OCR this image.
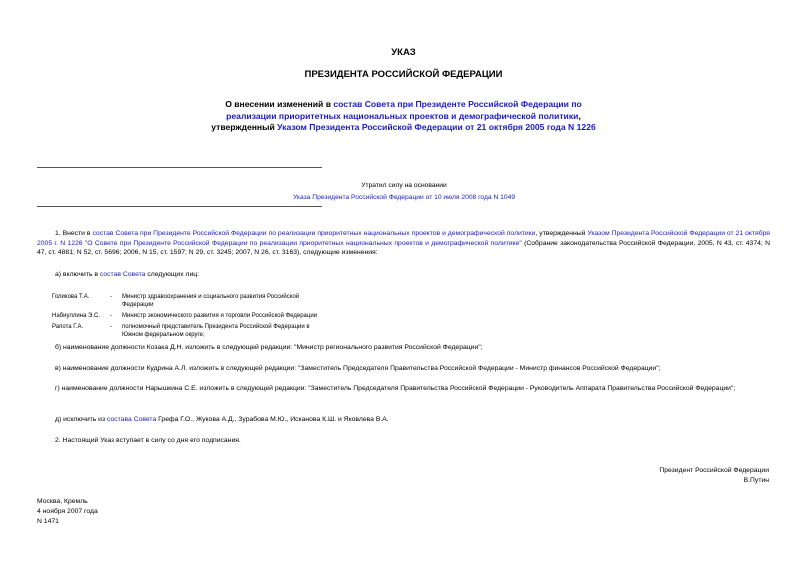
УКАЗ
ПРЕЗИДЕНТА РОССИЙСКОЙ ФЕДЕРАЦИИ
О внесении изменений в состав Совета при Президенте Российской Федерации по реализации приоритетных национальных проектов и демографической политики, утвержденный Указом Президента Российской Федерации от 21 октября 2005 года N 1226
Утратил силу на основании
Указа Президента Российской Федерации от 10 июля 2008 года N 1049
1. Внести в состав Совета при Президенте Российской Федерации по реализации приоритетных национальных проектов и демографической политики, утвержденный Указом Президента Российской Федерации от 21 октября 2005 г. N 1226 "О Совете при Президенте Российской Федерации по реализации приоритетных национальных проектов и демографической политике" (Собрание законодательства Российской Федерации, 2005, N 43, ст. 4374; N 47, ст. 4881; N 52, ст. 5696; 2006, N 15, ст. 1597; N 29, ст. 3245; 2007, N 26, ст. 3163), следующие изменения:
а) включить в состав Совета следующих лиц:
Голикова Т.А.	- Министр здравоохранения и социального развития Российской
Федерации
Набиуллина Э.С. - Министр экономического развития и торговли Российской Федерации
Рапота Г.А.	- полномочный представитель Президента Российской Федерации в
Южном федеральном округе;
б) наименование должности Козака Д.Н. изложить в следующей редакции: "Министр регионального развития Российской Федерации";
в) наименование должности Кудрина А.Л. изложить в следующей редакции: "Заместитель Председателя Правительства Российской Федерации - Министр финансов Российской Федерации";
г) наименование должности Нарышкина С.Е. изложить в следующей редакции: "Заместитель Председателя Правительства Российской Федерации - Руководитель Аппарата Правительства Российской Федерации";
д) исключить из состава Совета Грефа Г.О., Жукова А.Д., Зурабова М.Ю., Исканова К.Ш. и Яковлева В.А.
2. Настоящий Указ вступает в силу со дня его подписания.
Президент Российской Федерации
В.Путин
Москва, Кремль
4 ноября 2007 года
N 1471
